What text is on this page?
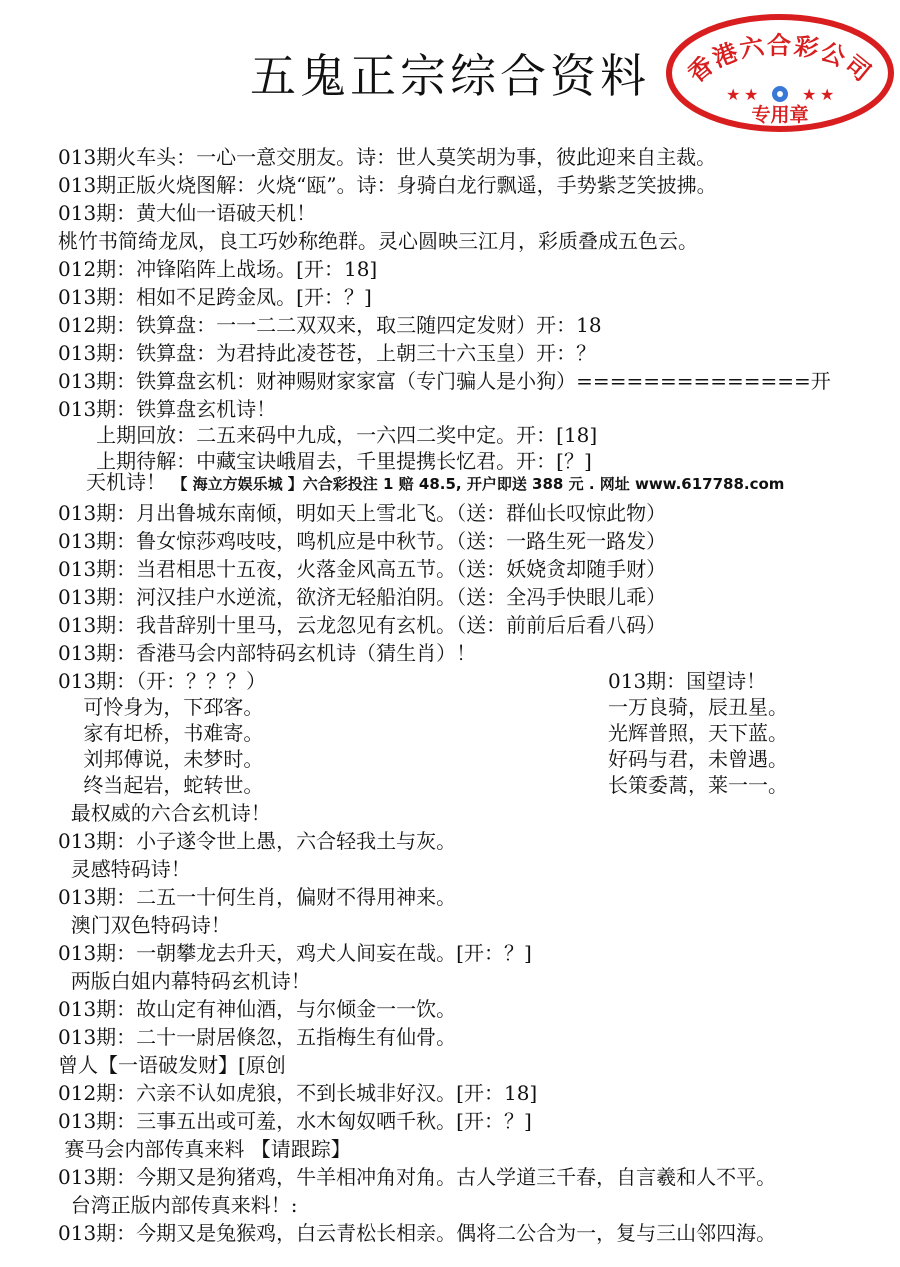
五鬼正宗综合资料	香港六合彩公司
★ ★	★ ★
专用章
013期火车头：一心一意交朋友。诗：世人莫笑胡为事，彼此迎来自主裁。
013期正版火烧图解：火烧“瓯”。诗：身骑白龙行飘遥，手势紫芝笑披拂。
013期：黄大仙一语破天机！
桃竹书简绮龙凤，良工巧妙称绝群。灵心圆映三江月，彩质叠成五色云。
012期：冲锋陷阵上战场。[开：18]
013期：相如不足跨金凤。[开：？]
012期：铁算盘：一一二二双双来，取三随四定发财）开：18
013期：铁算盘：为君持此凌苍苍，上朝三十六玉皇）开：？
013期：铁算盘玄机：财神赐财家家富（专门骗人是小狗）==============开
013期：铁算盘玄机诗！
上期回放：二五来码中九成，一六四二奖中定。开：[18]
上期待解：中藏宝诀峨眉去，千里提携长忆君。开：[？]
013期：月出鲁城东南倾，明如天上雪北飞。（送：群仙长叹惊此物）
013期：鲁女惊莎鸡吱吱，鸣机应是中秋节。（送：一路生死一路发）
013期：当君相思十五夜，火落金风高五节。（送：妖娆贪却随手财）
013期：河汉挂户水逆流，欲济无轻船泊阴。（送：全冯手快眼儿乖）
013期：我昔辞别十里马，云龙忽见有玄机。（送：前前后后看八码）
013期：香港马会内部特码玄机诗（猜生肖）！
013期：（开：？？？）
可怜身为，下邳客。
家有圯桥，书难寄。
刘邦傅说，未梦时。
终当起岩，蛇转世。
最权威的六合玄机诗！
013期：小子遂令世上愚，六合轻我土与灰。
灵感特码诗！
013期：二五一十何生肖，偏财不得用神来。
澳门双色特码诗！
013期：一朝攀龙去升天，鸡犬人间妄在哉。[开：？]
两版白姐内幕特码玄机诗！
013期：故山定有神仙酒，与尔倾金一一饮。
013期：二十一尉居倏忽，五指梅生有仙骨。
曾人【一语破发财】[原创
012期：六亲不认如虎狼，不到长城非好汉。[开：18]
013期：三事五出或可羞，水木匈奴哂千秋。[开：？]
赛马会内部传真来料 【请跟踪】
013期：今期又是狗猪鸡，牛羊相冲角对角。古人学道三千春，自言羲和人不平。
台湾正版内部传真来料！:
013期：今期又是兔猴鸡，白云青松长相亲。偶将二公合为一，复与三山邻四海。
天机诗！ 【 海立方娱乐城 】六合彩投注 1 赔 48.5, 开户即送 388 元 . 网址 www.617788.com
013期：国望诗！
一万良骑，辰丑星。
光辉普照，天下蓝。
好码与君，未曾遇。
长策委蒿，莱一一。
